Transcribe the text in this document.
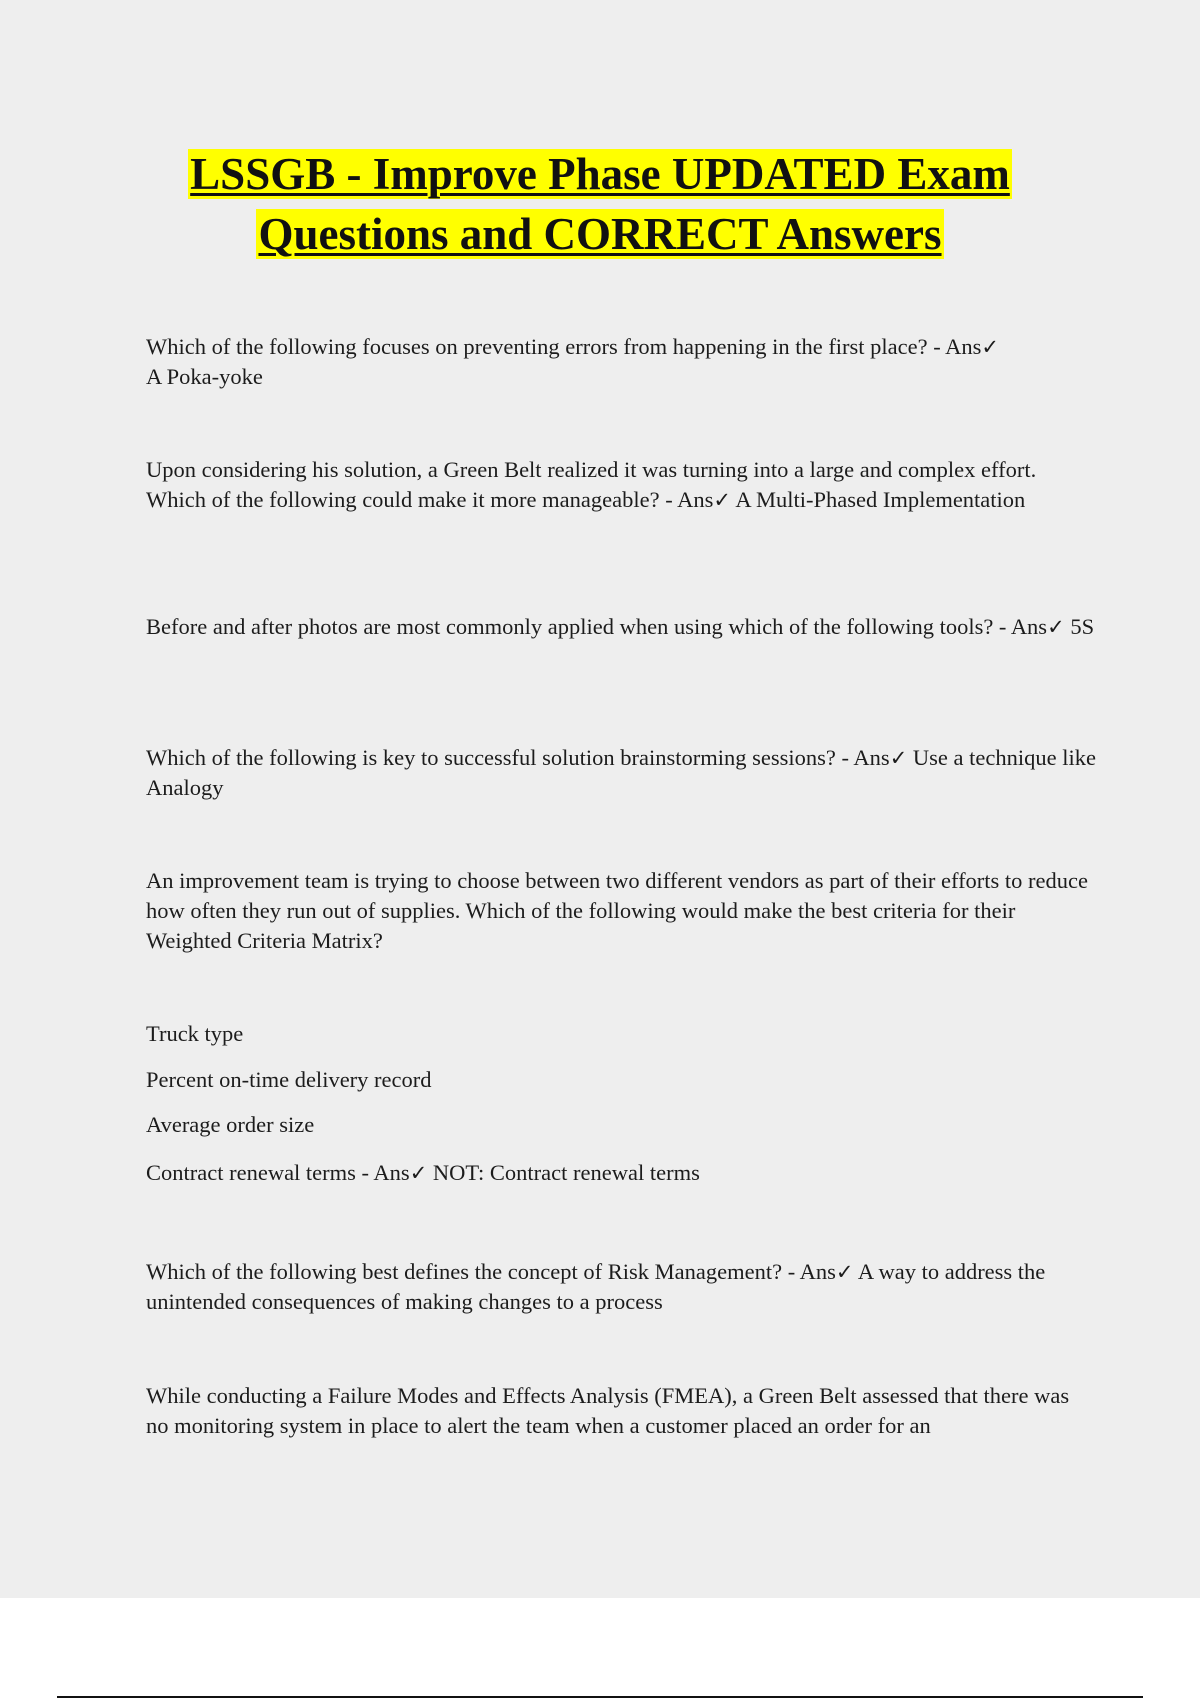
LSSGB - Improve Phase UPDATED Exam
Questions and CORRECT Answers

Which of the following focuses on preventing errors from happening in the first place? - Ans✓
A Poka-yoke

Upon considering his solution, a Green Belt realized it was turning into a large and complex effort. Which of the following could make it more manageable? - Ans✓ A Multi-Phased Implementation

Before and after photos are most commonly applied when using which of the following tools? - Ans✓ 5S

Which of the following is key to successful solution brainstorming sessions? - Ans✓ Use a technique like Analogy

An improvement team is trying to choose between two different vendors as part of their efforts to reduce how often they run out of supplies. Which of the following would make the best criteria for their Weighted Criteria Matrix?

Truck type

Percent on-time delivery record

Average order size

Contract renewal terms - Ans✓ NOT: Contract renewal terms

Which of the following best defines the concept of Risk Management? - Ans✓ A way to address the unintended consequences of making changes to a process

While conducting a Failure Modes and Effects Analysis (FMEA), a Green Belt assessed that there was no monitoring system in place to alert the team when a customer placed an order for an
